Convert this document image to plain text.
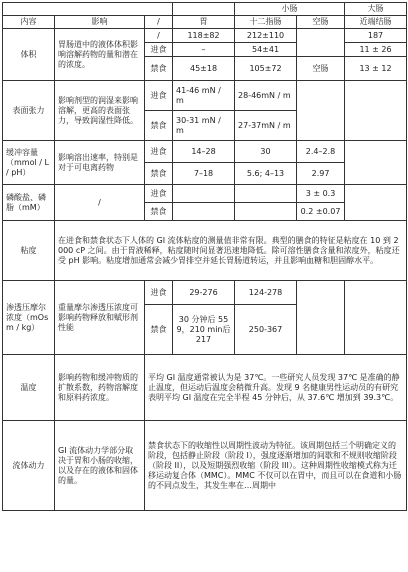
				小肠		大肠
内容	影响	/	胃	十二指肠	空肠	近端结肠
体积	胃肠道中的液体体积影响溶解药物的量和潜在的浓度。	/	118±82	212±110		187
		进食	–	54±41		11 ± 26
		禁食	45±18	105±72	空肠	13 ± 12
表面张力	影响剂型的润湿来影响溶解，更高的表面张力，导致润湿性降低。	进食	41-46 mN / m	28-46mN / m		
		禁食	30-31 mN / m	27-37mN / m		
缓冲容量（mmol / L / pH）	影响溶出速率，特别是对于可电离药物	进食	14–28	30	2.4–2.8	
		禁食	7–18	5.6; 4–13	2.97	
磷酸盐、磷脂（mM）	/	进食			3 ± 0.3	
		禁食			0.2 ±0.07	
粘度	在进食和禁食状态下人体的 GI 流体粘度的测量值非常有限。典型的膳食的特征是粘度在 10 到 2000 cP 之间。由于胃液稀释，粘度随时间显著迅速地降低。除可溶性膳食含量和浓度外，粘度还受 pH 影响。粘度增加通常会减少胃排空并延长胃肠道转运，并且影响血糖和胆固醇水平。					
渗透压摩尔浓度（mOsm / kg）	重量摩尔渗透压浓度可影响药物释放和赋形剂性能	进食	29-276	124-278		
		禁食	30 分钟后 559，210 min后 217	250-367		
温度	影响药物和缓冲物质的扩散系数，药物溶解度和原料药浓度。	平均 GI 温度通常被认为是 37℃。一些研究人员发现 37℃ 是准确的静止温度，但运动后温度会稍微升高。发现 9 名健康男性运动员的有研究表明平均 GI 温度在完全半程 45 分钟后，从 37.6℃ 增加到 39.3℃。				
流体动力	GI 流体动力学部分取决于胃和小肠的收缩，以及存在的液体和固体的量。	禁食状态下的收缩性以周期性波动为特征。该周期包括三个明确定义的阶段，包括静止阶段（阶段 I），强度逐渐增加的间歇和不规则收缩阶段（阶段 II），以及短期强烈收缩（阶段 III）。这种周期性收缩模式称为迁移运动复合体（MMC）。MMC 不仅可以在胃中，而且可以在食道和小肠的不同点发生，其发生率在…周期中				
